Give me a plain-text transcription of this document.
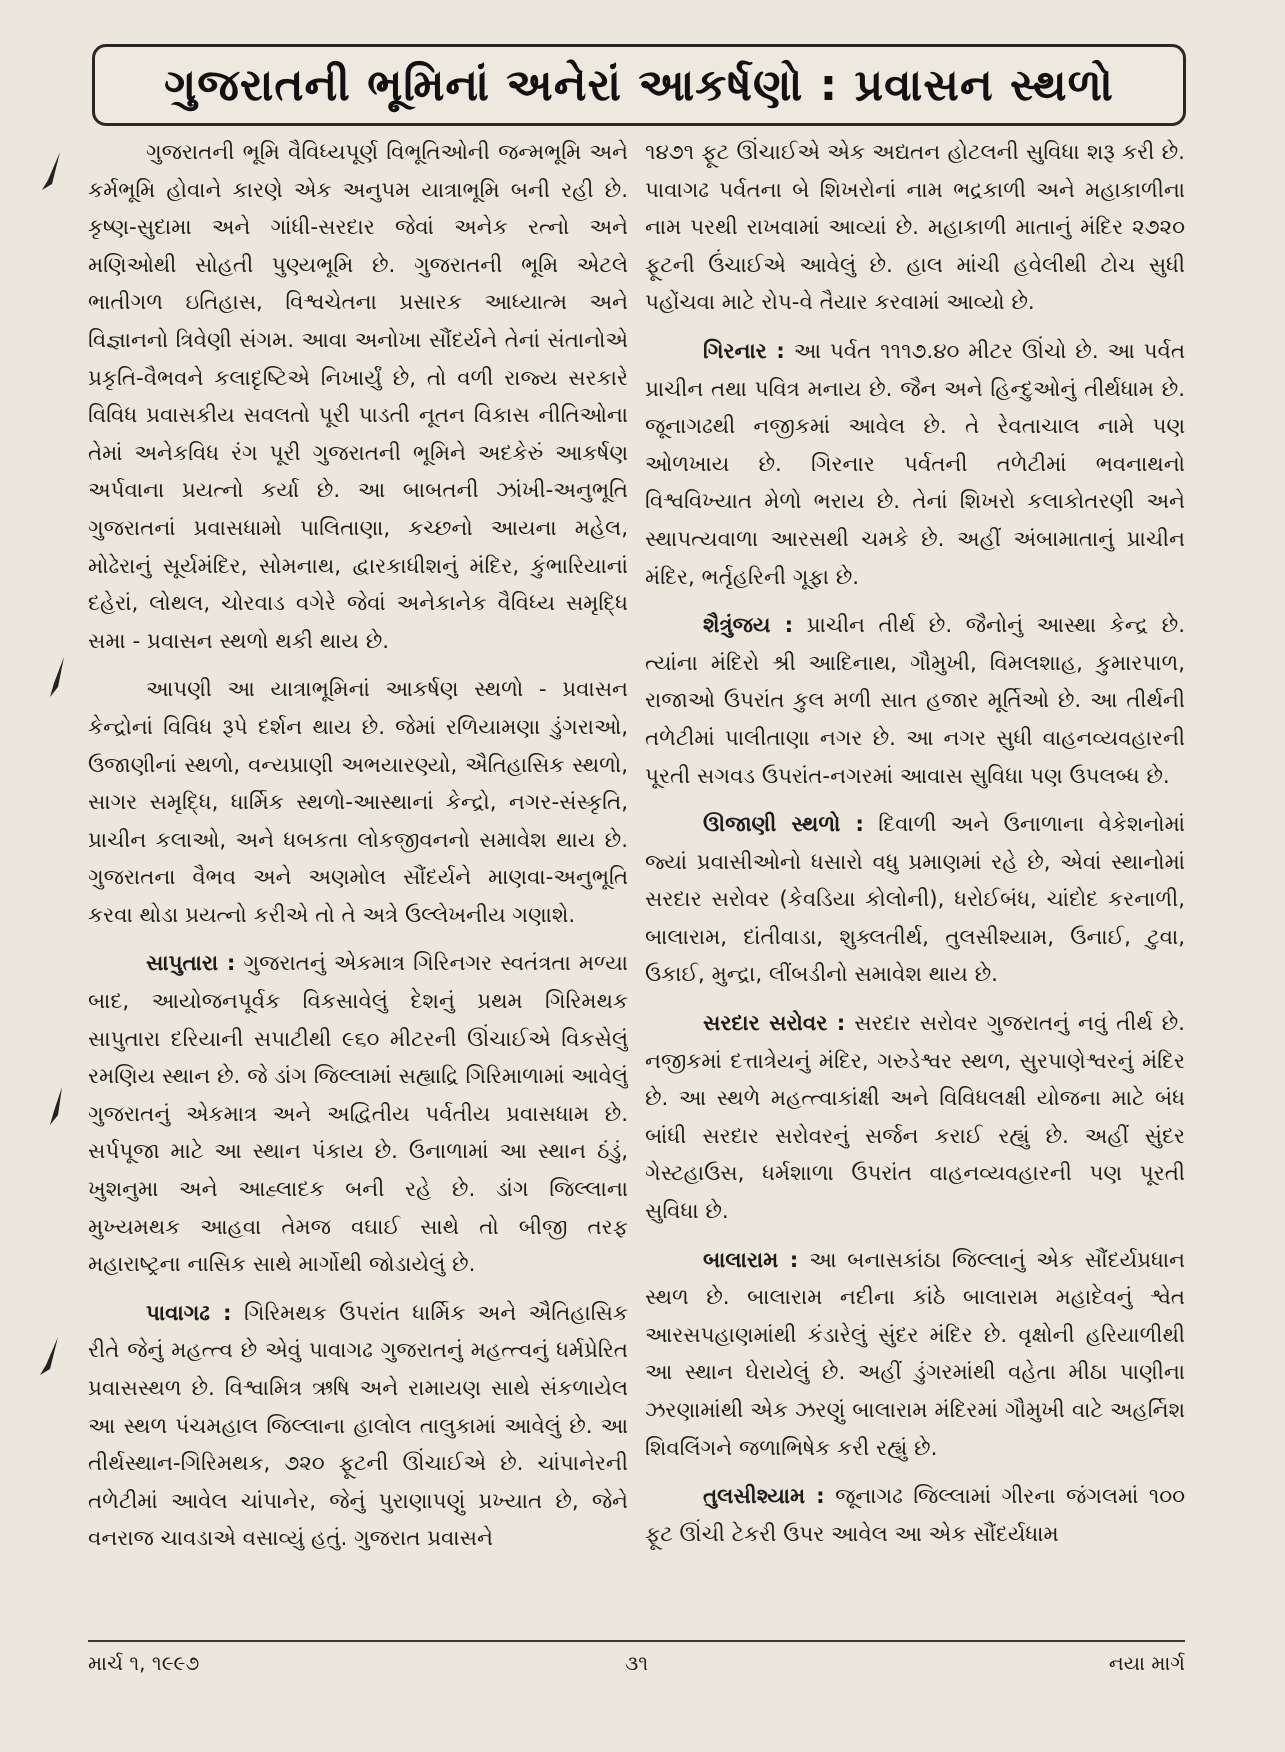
ગુજરાતની ભૂમિનાં અનેરાં આકર્ષણો : પ્રવાસન સ્થળો

ગુજરાતની ભૂમિ વૈવિધ્યપૂર્ણ વિભૂતિઓની જન્મભૂમિ અને કર્મભૂમિ હોવાને કારણે એક અનુપમ યાત્રાભૂમિ બની રહી છે. કૃષ્ણ-સુદામા અને ગાંધી-સરદાર જેવાં અનેક રત્નો અને મણિઓથી સોહતી પુણ્યભૂમિ છે. ગુજરાતની ભૂમિ એટલે ભાતીગળ ઇતિહાસ, વિશ્વચેતના પ્રસારક આધ્યાત્મ અને વિજ્ઞાનનો ત્રિવેણી સંગમ. આવા અનોખા સૌંદર્યને તેનાં સંતાનોએ પ્રકૃતિ-વૈભવને કલાદૃષ્ટિએ નિખાર્યું છે, તો વળી રાજ્ય સરકારે વિવિધ પ્રવાસકીય સવલતો પૂરી પાડતી નૂતન વિકાસ નીતિઓના તેમાં અનેકવિધ રંગ પૂરી ગુજરાતની ભૂમિને અદકેરું આકર્ષણ અર્પવાના પ્રયત્નો કર્યા છે. આ બાબતની ઝાંખી-અનુભૂતિ ગુજરાતનાં પ્રવાસધામો પાલિતાણા, કચ્છનો આયના મહેલ, મોઢેરાનું સૂર્યમંદિર, સોમનાથ, દ્વારકાધીશનું મંદિર, કુંભારિયાનાં દહેરાં, લોથલ, ચોરવાડ વગેરે જેવાં અનેકાનેક વૈવિધ્ય સમૃદ્ધિ સમા - પ્રવાસન સ્થળો થકી થાય છે.

આપણી આ યાત્રાભૂમિનાં આકર્ષણ સ્થળો - પ્રવાસન કેન્દ્રોનાં વિવિધ રૂપે દર્શન થાય છે. જેમાં રળિયામણા ડુંગરાઓ, ઉજાણીનાં સ્થળો, વન્યપ્રાણી અભયારણ્યો, ઐતિહાસિક સ્થળો, સાગર સમૃદ્ધિ, ધાર્મિક સ્થળો-આસ્થાનાં કેન્દ્રો, નગર-સંસ્કૃતિ, પ્રાચીન કલાઓ, અને ધબકતા લોકજીવનનો સમાવેશ થાય છે. ગુજરાતના વૈભવ અને અણમોલ સૌંદર્યને માણવા-અનુભૂતિ કરવા થોડા પ્રયત્નો કરીએ તો તે અત્રે ઉલ્લેખનીય ગણાશે.

સાપુતારા : ગુજરાતનું એકમાત્ર ગિરિનગર સ્વતંત્રતા મળ્યા બાદ, આયોજનપૂર્વક વિકસાવેલું દેશનું પ્રથમ ગિરિમથક સાપુતારા દરિયાની સપાટીથી ૯૬૦ મીટરની ઊંચાઈએ વિકસેલું રમણિય સ્થાન છે. જે ડાંગ જિલ્લામાં સહ્યાદ્રિ ગિરિમાળામાં આવેલું ગુજરાતનું એકમાત્ર અને અદ્વિતીય પર્વતીય પ્રવાસધામ છે. સર્પપૂજા માટે આ સ્થાન પંકાય છે. ઉનાળામાં આ સ્થાન ઠંડું, ખુશનુમા અને આહ્લાદક બની રહે છે. ડાંગ જિલ્લાના મુખ્યમથક આહવા તેમજ વઘાઈ સાથે તો બીજી તરફ મહારાષ્ટ્રના નાસિક સાથે માર્ગોથી જોડાયેલું છે.

પાવાગઢ : ગિરિમથક ઉપરાંત ધાર્મિક અને ઐતિહાસિક રીતે જેનું મહત્ત્વ છે એવું પાવાગઢ ગુજરાતનું મહત્ત્વનું ધર્મપ્રેરિત પ્રવાસસ્થળ છે. વિશ્વામિત્ર ઋષિ અને રામાયણ સાથે સંકળાયેલ આ સ્થળ પંચમહાલ જિલ્લાના હાલોલ તાલુકામાં આવેલું છે. આ તીર્થસ્થાન-ગિરિમથક, ૭૨૦ ફૂટની ઊંચાઈએ છે. ચાંપાનેરની તળેટીમાં આવેલ ચાંપાનેર, જેનું પુરાણાપણું પ્રખ્યાત છે, જેને વનરાજ ચાવડાએ વસાવ્યું હતું. ગુજરાત પ્રવાસને

૧૪૭૧ ફૂટ ઊંચાઈએ એક અદ્યતન હોટલની સુવિધા શરૂ કરી છે. પાવાગઢ પર્વતના બે શિખરોનાં નામ ભદ્રકાળી અને મહાકાળીના નામ પરથી રાખવામાં આવ્યાં છે. મહાકાળી માતાનું મંદિર ૨૭૨૦ ફૂટની ઉંચાઈએ આવેલું છે. હાલ માંચી હવેલીથી ટોચ સુધી પહોંચવા માટે રોપ-વે તૈયાર કરવામાં આવ્યો છે.

ગિરનાર : આ પર્વત ૧૧૧૭.૪૦ મીટર ઊંચો છે. આ પર્વત પ્રાચીન તથા પવિત્ર મનાય છે. જૈન અને હિન્દુઓનું તીર્થધામ છે. જૂનાગઢથી નજીકમાં આવેલ છે. તે રેવતાચાલ નામે પણ ઓળખાય છે. ગિરનાર પર્વતની તળેટીમાં ભવનાથનો વિશ્વવિખ્યાત મેળો ભરાય છે. તેનાં શિખરો કલાકોતરણી અને સ્થાપત્યવાળા આરસથી ચમકે છે. અહીં અંબામાતાનું પ્રાચીન મંદિર, ભર્તૃહરિની ગૂફા છે.

શૈત્રુંજય : પ્રાચીન તીર્થ છે. જૈનોનું આસ્થા કેન્દ્ર છે. ત્યાંના મંદિરો શ્રી આદિનાથ, ગૌમુખી, વિમલશાહ, કુમારપાળ, રાજાઓ ઉપરાંત કુલ મળી સાત હજાર મૂર્તિઓ છે. આ તીર્થની તળેટીમાં પાલીતાણા નગર છે. આ નગર સુધી વાહનવ્યવહારની પૂરતી સગવડ ઉપરાંત-નગરમાં આવાસ સુવિધા પણ ઉપલબ્ધ છે.

ઊજાણી સ્થળો : દિવાળી અને ઉનાળાના વેકેશનોમાં જ્યાં પ્રવાસીઓનો ધસારો વધુ પ્રમાણમાં રહે છે, એવાં સ્થાનોમાં સરદાર સરોવર (કેવડિયા કોલોની), ધરોઈબંધ, ચાંદોદ કરનાળી, બાલારામ, દાંતીવાડા, શુક્લતીર્થ, તુલસીશ્યામ, ઉનાઈ, ટુવા, ઉકાઈ, મુન્દ્રા, લીંબડીનો સમાવેશ થાય છે.

સરદાર સરોવર : સરદાર સરોવર ગુજરાતનું નવું તીર્થ છે. નજીકમાં દત્તાત્રેયનું મંદિર, ગરુડેશ્વર સ્થળ, સુરપાણેશ્વરનું મંદિર છે. આ સ્થળે મહત્ત્વાકાંક્ષી અને વિવિધલક્ષી યોજના માટે બંધ બાંધી સરદાર સરોવરનું સર્જન કરાઈ રહ્યું છે. અહીં સુંદર ગેસ્ટહાઉસ, ધર્મશાળા ઉપરાંત વાહનવ્યવહારની પણ પૂરતી સુવિધા છે.

બાલારામ : આ બનાસકાંઠા જિલ્લાનું એક સૌંદર્યપ્રધાન સ્થળ છે. બાલારામ નદીના કાંઠે બાલારામ મહાદેવનું શ્વેત આરસપહાણમાંથી કંડારેલું સુંદર મંદિર છે. વૃક્ષોની હરિયાળીથી આ સ્થાન ઘેરાયેલું છે. અહીં ડુંગરમાંથી વહેતા મીઠા પાણીના ઝરણામાંથી એક ઝરણું બાલારામ મંદિરમાં ગૌમુખી વાટે અહર્નિશ શિવલિંગને જળાભિષેક કરી રહ્યું છે.

તુલસીશ્યામ : જૂનાગઢ જિલ્લામાં ગીરના જંગલમાં ૧૦૦ ફૂટ ઊંચી ટેકરી ઉપર આવેલ આ એક સૌંદર્યધામ

માર્ચ ૧, ૧૯૯૭	૩૧	નયા માર્ગ
